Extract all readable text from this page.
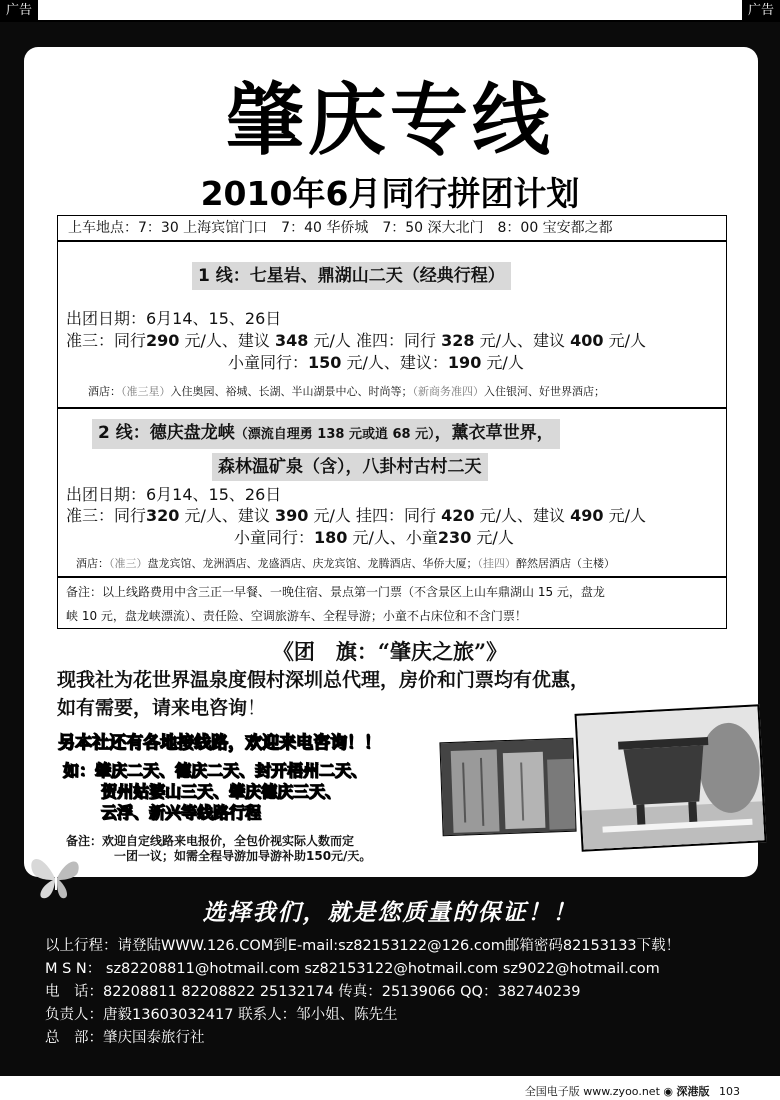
广告	广告
肇庆专线
2010年6月同行拼团计划
上车地点：7：30 上海宾馆门口　7：40 华侨城　7：50 深大北门　8：00 宝安都之都
1 线：七星岩、鼎湖山二天（经典行程）
出团日期：6月14、15、26日
准三：同行290 元/人、建议 348 元/人 准四：同行 328 元/人、建议 400 元/人
小童同行：150 元/人、建议：190 元/人
酒店：（准三星）入住奥园、裕城、长湖、半山湖景中心、时尚等；（新商务准四）入住银河、好世界酒店；
2 线：德庆盘龙峡（漂流自理勇 138 元或逍 68 元），薰衣草世界，
森林温矿泉（含），八卦村古村二天
出团日期：6月14、15、26日
准三：同行320 元/人、建议 390 元/人 挂四：同行 420 元/人、建议 490 元/人
小童同行：180 元/人、小童230 元/人
酒店：（准三）盘龙宾馆、龙洲酒店、龙盛酒店、庆龙宾馆、龙腾酒店、华侨大厦；（挂四）醉然居酒店（主楼）
备注：以上线路费用中含三正一早餐、一晚住宿、景点第一门票（不含景区上山车鼎湖山 15 元，盘龙
峡 10 元，盘龙峡漂流）、责任险、空调旅游车、全程导游；小童不占床位和不含门票！
《团　旗：“肇庆之旅”》
现我社为花世界温泉度假村深圳总代理，房价和门票均有优惠，
如有需要，请来电咨询！
另本社还有各地接线路，欢迎来电咨询！！
如：肇庆二天、德庆二天、封开梧州二天、
贺州姑婆山三天、肇庆德庆三天、
云浮、新兴等线路行程
备注：欢迎自定线路来电报价，全包价视实际人数而定
一团一议；如需全程导游加导游补助150元/天。
选择我们，就是您质量的保证！！
以上行程：请登陆WWW.126.COM到E-mail:sz82153122@126.com邮箱密码82153133下载！
M S N： sz82208811@hotmail.com sz82153122@hotmail.com sz9022@hotmail.com
电　话：82208811 82208822 25132174 传真：25139066 QQ：382740239
负责人：唐毅13603032417 联系人：邹小姐、陈先生
总　部：肇庆国泰旅行社
全国电子版 www.zyoo.net ◉ 深港版 103
